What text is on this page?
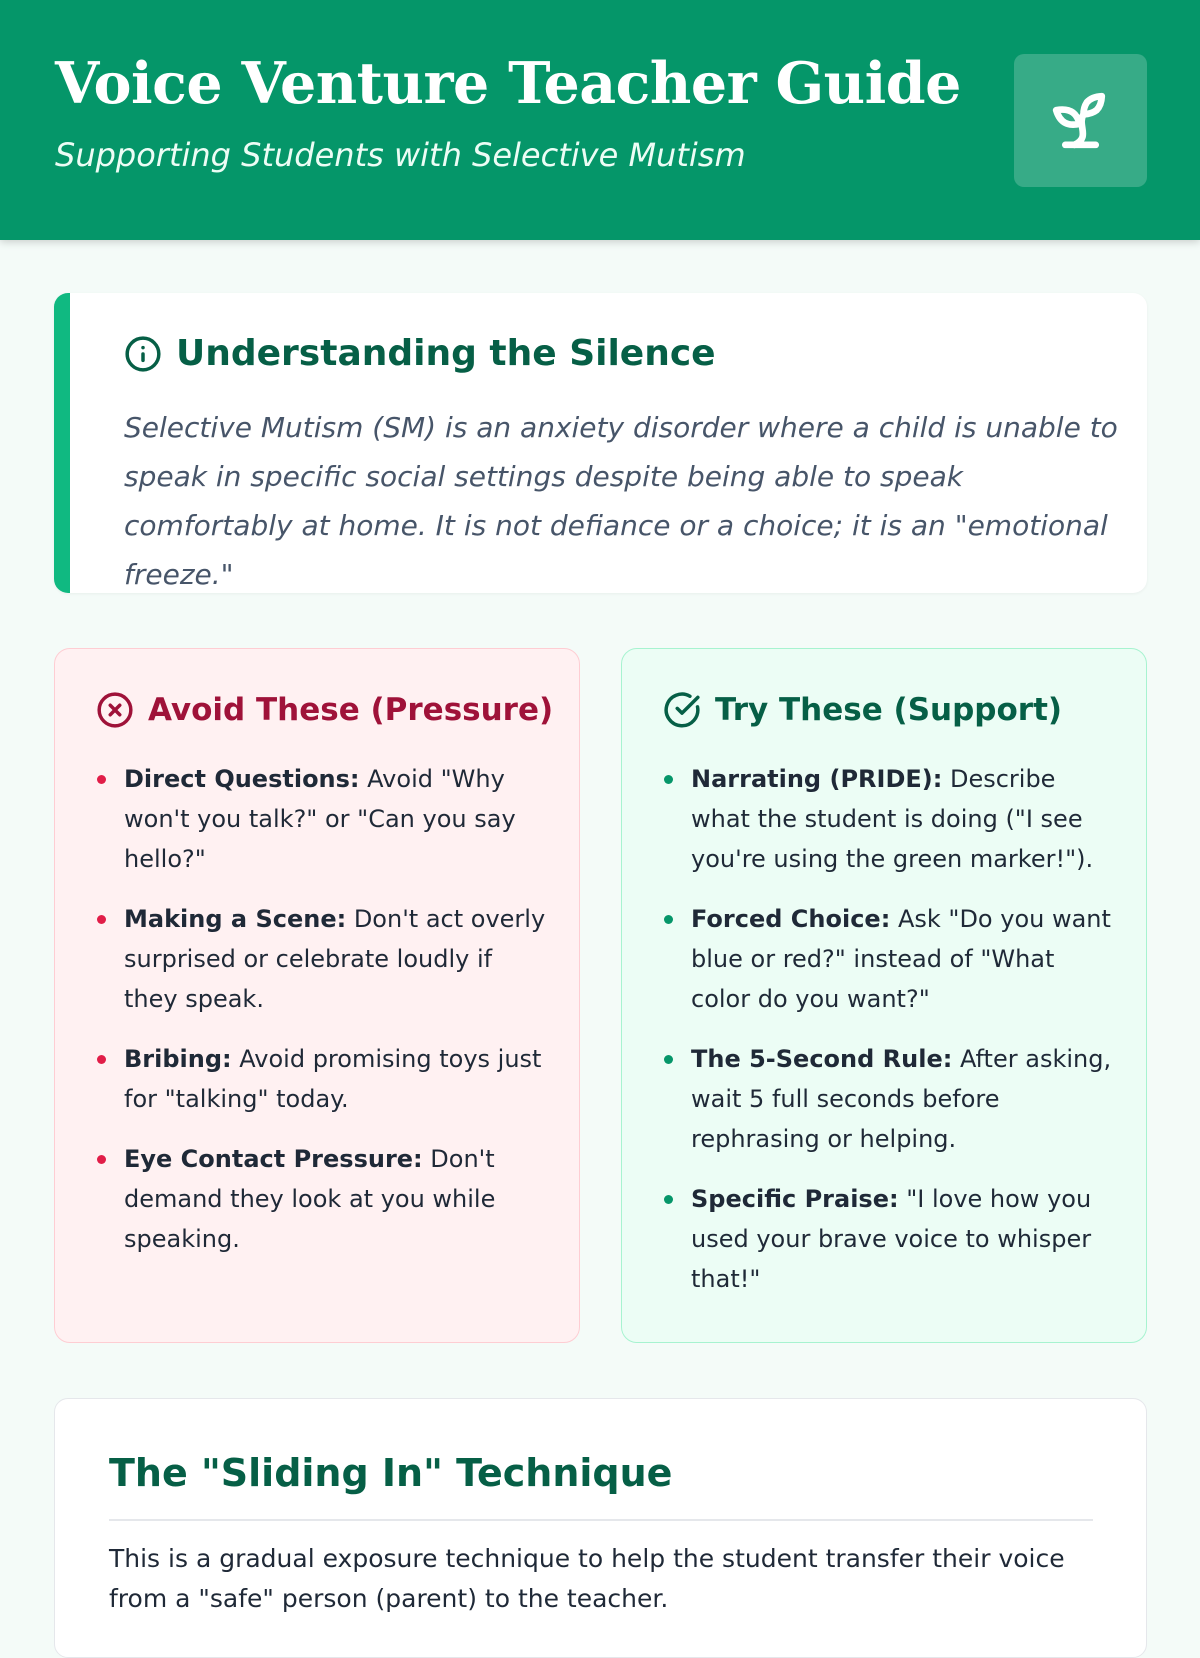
Voice Venture Teacher Guide
Supporting Students with Selective Mutism
Understanding the Silence
Selective Mutism (SM) is an anxiety disorder where a child is unable to speak in specific social settings despite being able to speak comfortably at home. It is not defiance or a choice; it is an "emotional freeze."
Avoid These (Pressure)
Direct Questions: Avoid "Why won't you talk?" or "Can you say hello?"
Making a Scene: Don't act overly surprised or celebrate loudly if they speak.
Bribing: Avoid promising toys just for "talking" today.
Eye Contact Pressure: Don't demand they look at you while speaking.
Try These (Support)
Narrating (PRIDE): Describe what the student is doing ("I see you're using the green marker!").
Forced Choice: Ask "Do you want blue or red?" instead of "What color do you want?"
The 5-Second Rule: After asking, wait 5 full seconds before rephrasing or helping.
Specific Praise: "I love how you used your brave voice to whisper that!"
The "Sliding In" Technique
This is a gradual exposure technique to help the student transfer their voice from a "safe" person (parent) to the teacher.
